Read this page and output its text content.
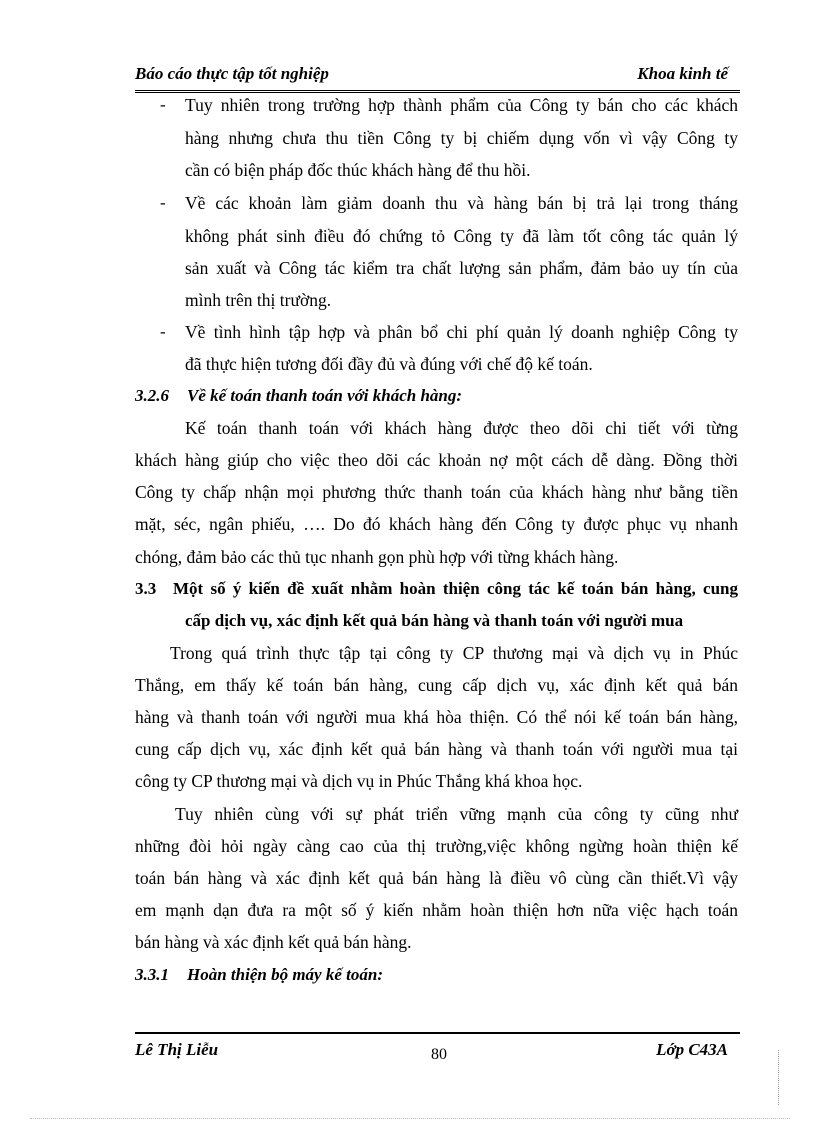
Báo cáo thực tập tốt nghiệp	Khoa kinh tế
- Tuy nhiên trong trường hợp thành phẩm của Công ty bán cho các khách
hàng nhưng chưa thu tiền Công ty bị chiếm dụng vốn vì vậy Công ty
cần có biện pháp đốc thúc khách hàng để thu hồi.
- Về các khoản làm giảm doanh thu và hàng bán bị trả lại trong tháng
không phát sinh điều đó chứng tỏ Công ty đã làm tốt công tác quản lý
sản xuất và Công tác kiểm tra chất lượng sản phẩm, đảm bảo uy tín của
mình trên thị trường.
- Về tình hình tập hợp và phân bổ chi phí quản lý doanh nghiệp Công ty
đã thực hiện tương đối đầy đủ và đúng với chế độ kế toán.
3.2.6 Về kế toán thanh toán với khách hàng:
Kế toán thanh toán với khách hàng được theo dõi chi tiết với từng
khách hàng giúp cho việc theo dõi các khoản nợ một cách dễ dàng. Đồng thời
Công ty chấp nhận mọi phương thức thanh toán của khách hàng như bằng tiền
mặt, séc, ngân phiếu, …. Do đó khách hàng đến Công ty được phục vụ nhanh
chóng, đảm bảo các thủ tục nhanh gọn phù hợp với từng khách hàng.
3.3 Một số ý kiến đề xuất nhằm hoàn thiện công tác kế toán bán hàng, cung
cấp dịch vụ, xác định kết quả bán hàng và thanh toán với người mua
Trong quá trình thực tập tại công ty CP thương mại và dịch vụ in Phúc
Thắng, em thấy kế toán bán hàng, cung cấp dịch vụ, xác định kết quả bán
hàng và thanh toán với người mua khá hòa thiện. Có thể nói kế toán bán hàng,
cung cấp dịch vụ, xác định kết quả bán hàng và thanh toán với người mua tại
công ty CP thương mại và dịch vụ in Phúc Thắng khá khoa học.
Tuy nhiên cùng với sự phát triển vững mạnh của công ty cũng như
những đòi hỏi ngày càng cao của thị trường,việc không ngừng hoàn thiện kế
toán bán hàng và xác định kết quả bán hàng là điều vô cùng cần thiết.Vì vậy
em mạnh dạn đưa ra một số ý kiến nhằm hoàn thiện hơn nữa việc hạch toán
bán hàng và xác định kết quả bán hàng.
3.3.1 Hoàn thiện bộ máy kế toán:
Lê Thị Liễu	80	Lớp C43A
